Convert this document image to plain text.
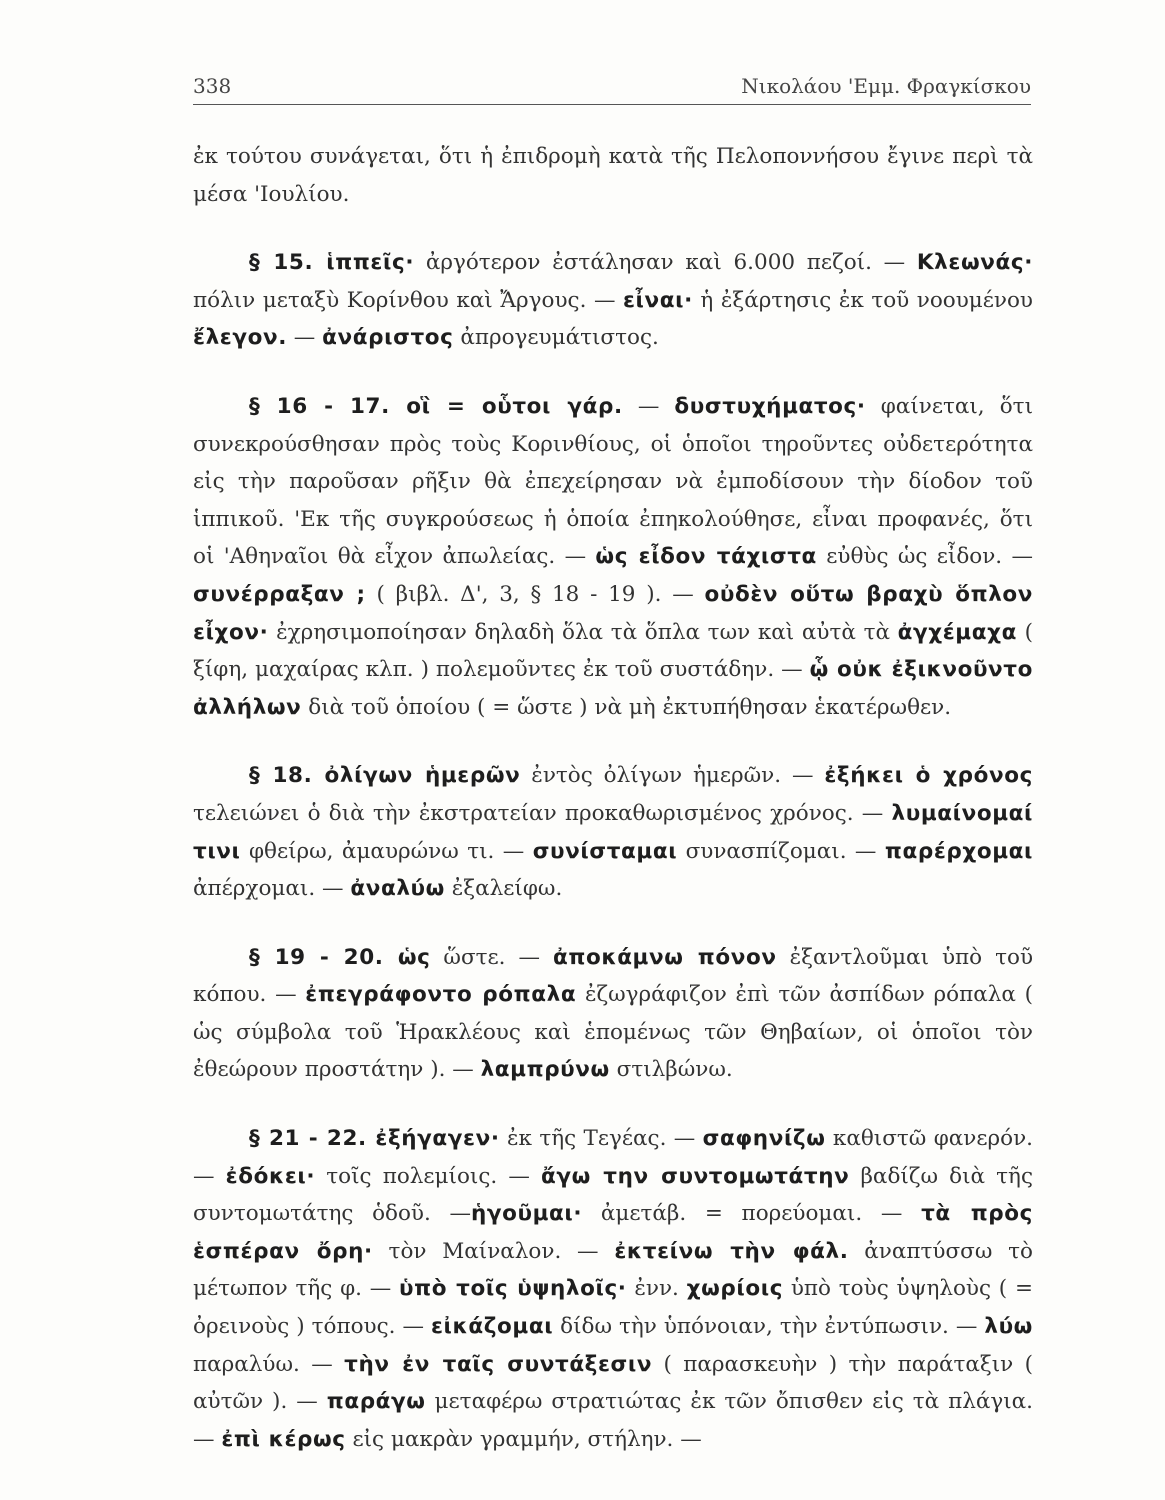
338	Νικολάου 'Εμμ. Φραγκίσκου

ἐκ τούτου συνάγεται, ὅτι ἡ ἐπιδρομὴ κατὰ τῆς Πελοποννήσου ἔγινε περὶ τὰ μέσα 'Ιουλίου.

§ 15. ἱππεῖς· ἀργότερον ἐστάλησαν καὶ 6.000 πεζοί. — Κλεωνάς· πόλιν μεταξὺ Κορίνθου καὶ Ἄργους. — εἶναι· ἡ ἐξάρτησις ἐκ τοῦ νοουμένου ἔλεγον. — ἀνάριστος ἀπρογευμάτιστος.

§ 16 - 17. οἳ = οὗτοι γάρ. — δυστυχήματος· φαίνεται, ὅτι συνεκρούσθησαν πρὸς τοὺς Κορινθίους, οἱ ὁποῖοι τηροῦντες οὐδετερότητα εἰς τὴν παροῦσαν ρῆξιν θὰ ἐπεχείρησαν νὰ ἐμποδίσουν τὴν δίοδον τοῦ ἱππικοῦ. 'Εκ τῆς συγκρούσεως ἡ ὁποία ἐπηκολούθησε, εἶναι προφανές, ὅτι οἱ 'Αθηναῖοι θὰ εἶχον ἀπωλείας. — ὡς εἶδον τάχιστα εὐθὺς ὡς εἶδον. — συνέρραξαν ; ( βιβλ. Δ', 3, § 18 - 19 ). — οὐδὲν οὕτω βραχὺ ὅπλον εἶχον· ἐχρησιμοποίησαν δηλαδὴ ὅλα τὰ ὅπλα των καὶ αὐτὰ τὰ ἀγχέμαχα ( ξίφη, μαχαίρας κλπ. ) πολεμοῦντες ἐκ τοῦ συστάδην. — ᾧ οὐκ ἐξικνοῦντο ἀλλήλων διὰ τοῦ ὁποίου ( = ὥστε ) νὰ μὴ ἐκτυπήθησαν ἑκατέρωθεν.

§ 18. ὀλίγων ἡμερῶν ἐντὸς ὀλίγων ἡμερῶν. — ἐξήκει ὁ χρόνος τελειώνει ὁ διὰ τὴν ἐκστρατείαν προκαθωρισμένος χρόνος. — λυμαίνομαί τινι φθείρω, ἀμαυρώνω τι. — συνίσταμαι συνασπίζομαι. — παρέρχομαι ἀπέρχομαι. — ἀναλύω ἐξαλείφω.

§ 19 - 20. ὡς ὥστε. — ἀποκάμνω πόνον ἐξαντλοῦμαι ὑπὸ τοῦ κόπου. — ἐπεγράφοντο ρόπαλα ἐζωγράφιζον ἐπὶ τῶν ἀσπίδων ρόπαλα ( ὡς σύμβολα τοῦ Ἡρακλέους καὶ ἑπομένως τῶν Θηβαίων, οἱ ὁποῖοι τὸν ἐθεώρουν προστάτην ). — λαμπρύνω στιλβώνω.

§ 21 - 22. ἐξήγαγεν· ἐκ τῆς Τεγέας. — σαφηνίζω καθιστῶ φανερόν. — ἐδόκει· τοῖς πολεμίοις. — ἄγω την συντομωτάτην βαδίζω διὰ τῆς συντομωτάτης ὁδοῦ. —ἡγοῦμαι· ἀμετάβ. = πορεύομαι. — τὰ πρὸς ἑσπέραν ὄρη· τὸν Μαίναλον. — ἐκτείνω τὴν φάλ. ἀναπτύσσω τὸ μέτωπον τῆς φ. — ὑπὸ τοῖς ὑψηλοῖς· ἐνν. χωρίοις ὑπὸ τοὺς ὑψηλοὺς ( = ὀρεινοὺς ) τόπους. — εἰκάζομαι δίδω τὴν ὑπόνοιαν, τὴν ἐντύπωσιν. — λύω παραλύω. — τὴν ἐν ταῖς συντάξεσιν ( παρασκευὴν ) τὴν παράταξιν ( αὐτῶν ). — παράγω μεταφέρω στρατιώτας ἐκ τῶν ὄπισθεν εἰς τὰ πλάγια. — ἐπὶ κέρως εἰς μακρὰν γραμμήν, στήλην. —
